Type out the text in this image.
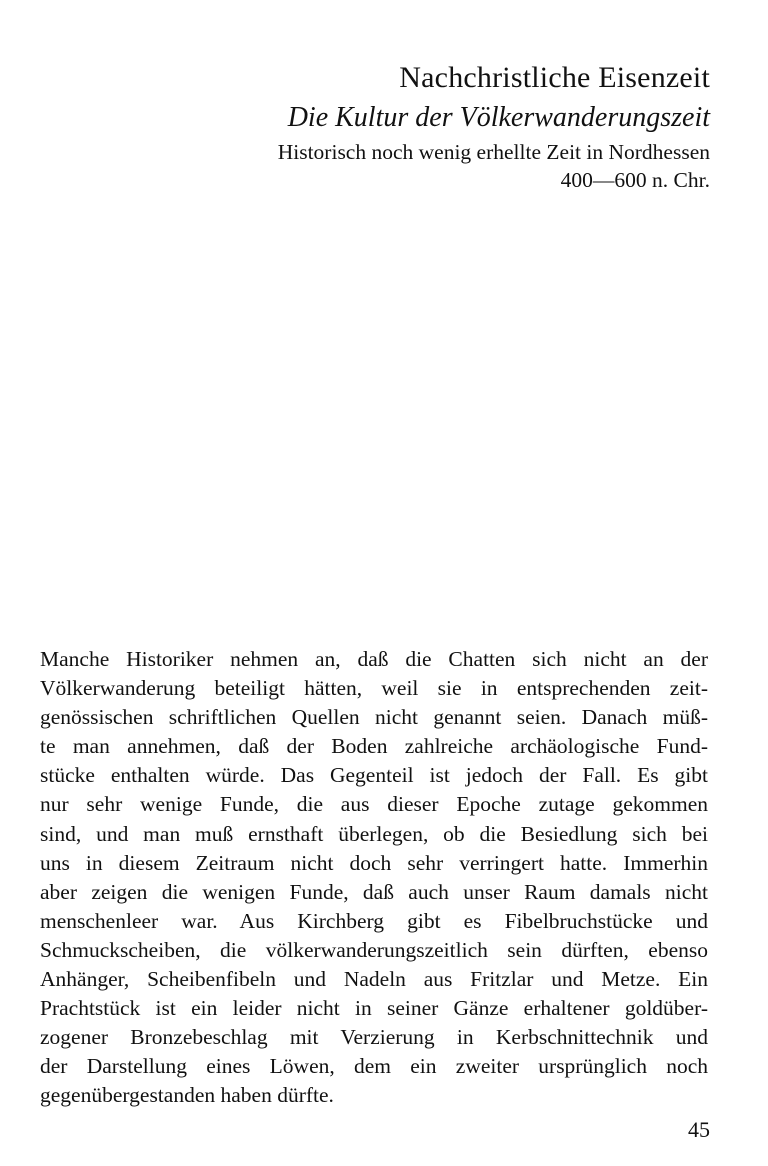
Nachchristliche Eisenzeit
Die Kultur der Völkerwanderungszeit

Historisch noch wenig erhellte Zeit in Nordhessen

400—600 n. Chr.

Manche Historiker nehmen an, daß die Chatten sich nicht an der
Völkerwanderung beteiligt hätten, weil sie in entsprechenden zeit-
genössischen schriftlichen Quellen nicht genannt seien. Danach müß-
te man annehmen, daß der Boden zahlreiche archäologische Fund-
stücke enthalten würde. Das Gegenteil ist jedoch der Fall. Es gibt
nur sehr wenige Funde, die aus dieser Epoche zutage gekommen
sind, und man muß ernsthaft überlegen, ob die Besiedlung sich bei
uns in diesem Zeitraum nicht doch sehr verringert hatte. Immerhin
aber zeigen die wenigen Funde, daß auch unser Raum damals nicht
menschenleer war. Aus Kirchberg gibt es Fibelbruchstücke und
Schmuckscheiben, die völkerwanderungszeitlich sein dürften, ebenso
Anhänger, Scheibenfibeln und Nadeln aus Fritzlar und Metze. Ein
Prachtstück ist ein leider nicht in seiner Gänze erhaltener goldüber-
zogener Bronzebeschlag mit Verzierung in Kerbschnittechnik und
der Darstellung eines Löwen, dem ein zweiter ursprünglich noch
gegenübergestanden haben dürfte.
45
